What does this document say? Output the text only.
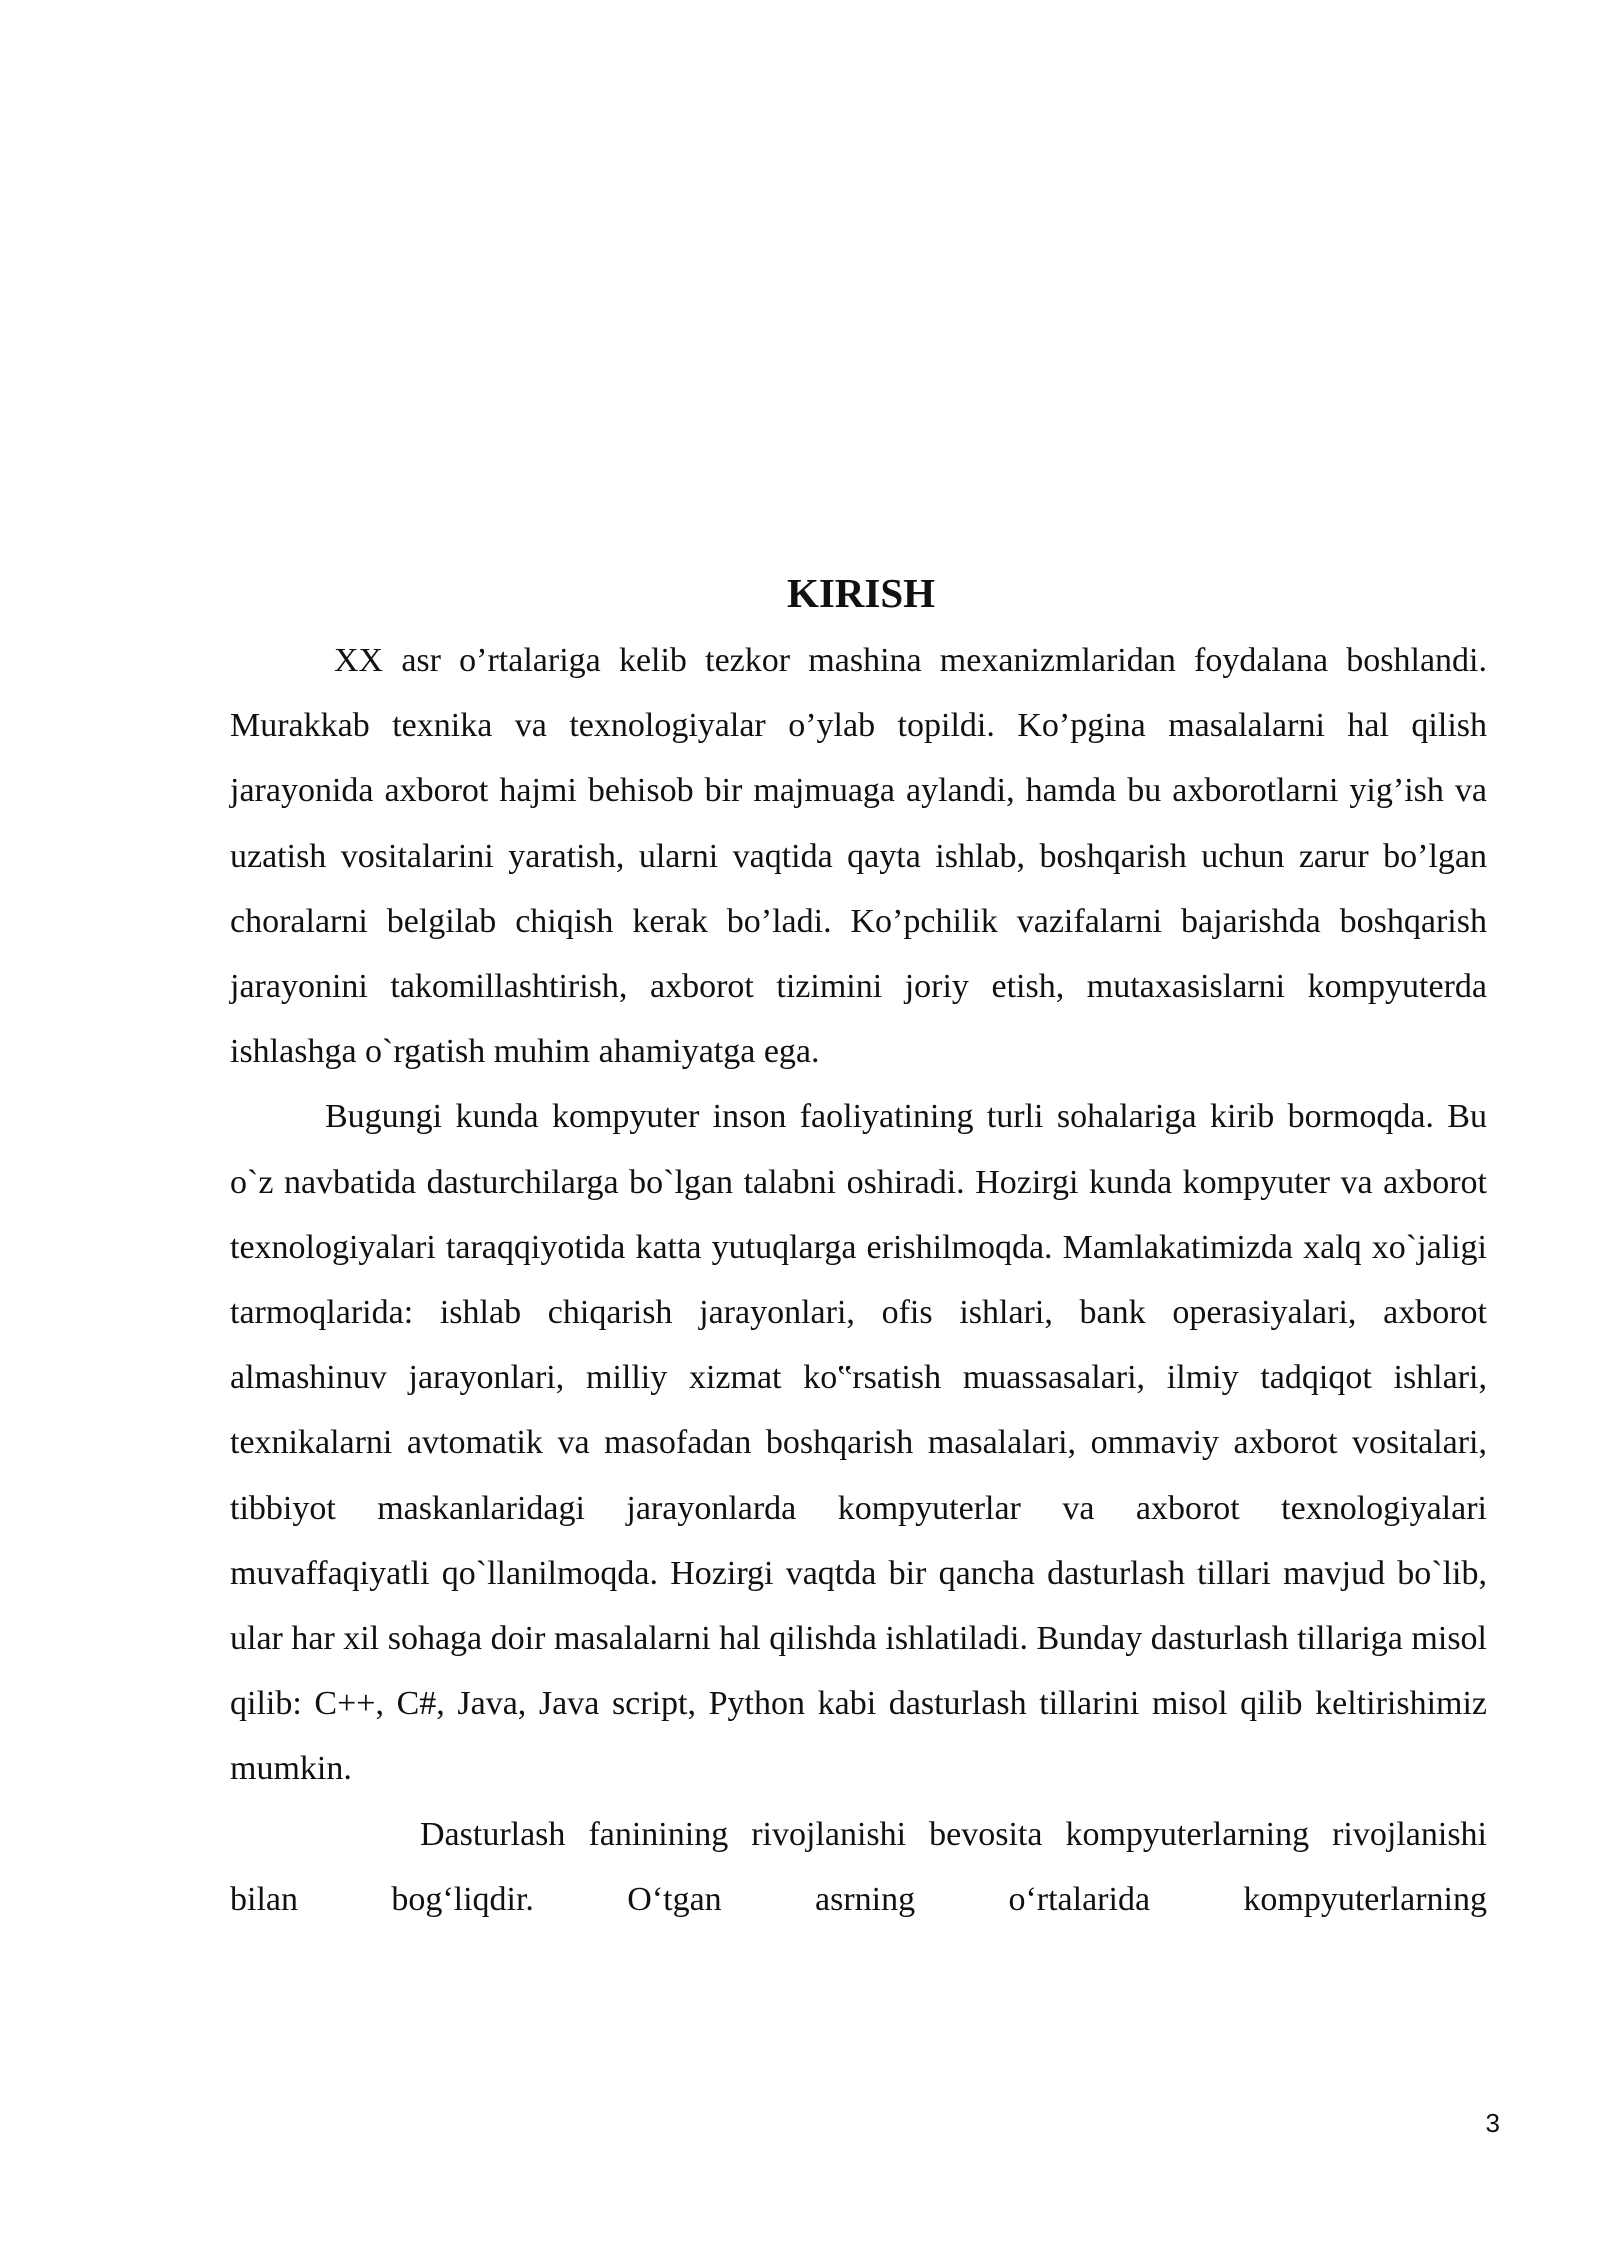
KIRISH

XX asr o’rtalariga kelib tezkor mashina mexanizmlaridan foydalana boshlandi. Murakkab texnika va texnologiyalar o’ylab topildi. Ko’pgina masalalarni hal qilish jarayonida axborot hajmi behisob bir majmuaga aylandi, hamda bu axborotlarni yig’ish va uzatish vositalarini yaratish, ularni vaqtida qayta ishlab, boshqarish uchun zarur bo’lgan choralarni belgilab chiqish kerak bo’ladi. Ko’pchilik vazifalarni bajarishda boshqarish jarayonini takomillashtirish, axborot tizimini joriy etish, mutaxasislarni kompyuterda ishlashga o`rgatish muhim ahamiyatga ega.

Bugungi kunda kompyuter inson faoliyatining turli sohalariga kirib bormoqda. Bu o`z navbatida dasturchilarga bo`lgan talabni oshiradi. Hozirgi kunda kompyuter va axborot texnologiyalari taraqqiyotida katta yutuqlarga erishilmoqda. Mamlakatimizda xalq xo`jaligi tarmoqlarida: ishlab chiqarish jarayonlari, ofis ishlari, bank operasiyalari, axborot almashinuv jarayonlari, milliy xizmat ko‟rsatish muassasalari, ilmiy tadqiqot ishlari, texnikalarni avtomatik va masofadan boshqarish masalalari, ommaviy axborot vositalari, tibbiyot maskanlaridagi jarayonlarda kompyuterlar va axborot texnologiyalari muvaffaqiyatli qo`llanilmoqda. Hozirgi vaqtda bir qancha dasturlash tillari mavjud bo`lib, ular har xil sohaga doir masalalarni hal qilishda ishlatiladi. Bunday dasturlash tillariga misol qilib: C++, C#, Java, Java script, Python kabi dasturlash tillarini misol qilib keltirishimiz mumkin.

Dasturlash faninining rivojlanishi bevosita kompyuterlarning rivojlanishi bilan bog‘liqdir. O‘tgan asrning o‘rtalarida kompyuterlarning

3
